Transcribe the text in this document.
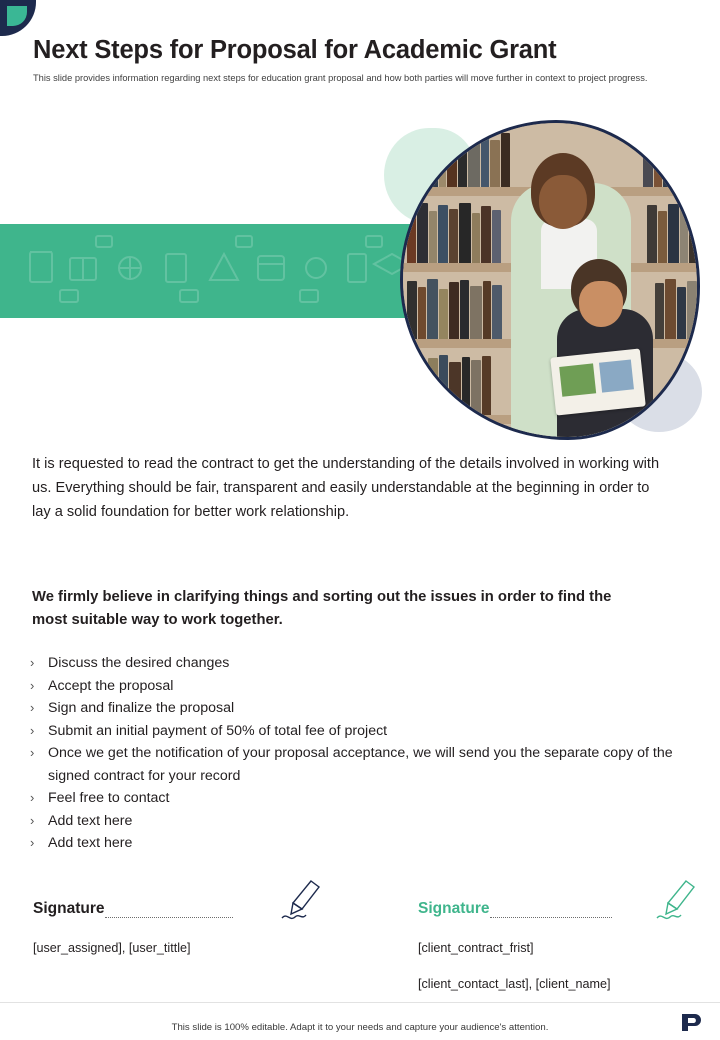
Next Steps for Proposal for Academic Grant
This slide provides information regarding next steps for education grant proposal and how both parties will move further in context to project progress.
It is requested to read the contract to get the understanding of the details involved in working with us. Everything should be fair, transparent and easily understandable at the beginning in order to lay a solid foundation for better work relationship.
We firmly believe in clarifying things and sorting out the issues in order to find the most suitable way to work together.
› Discuss the desired changes
› Accept the proposal
› Sign and finalize the proposal
› Submit an initial payment of 50% of total fee of project
› Once we get the notification of your proposal acceptance, we will send you the separate copy of the signed contract for your record
› Feel free to contact
› Add text here
› Add text here
Signature
[user_assigned], [user_tittle]
Signature
[client_contract_frist]
[client_contact_last], [client_name]
This slide is 100% editable. Adapt it to your needs and capture your audience's attention.
